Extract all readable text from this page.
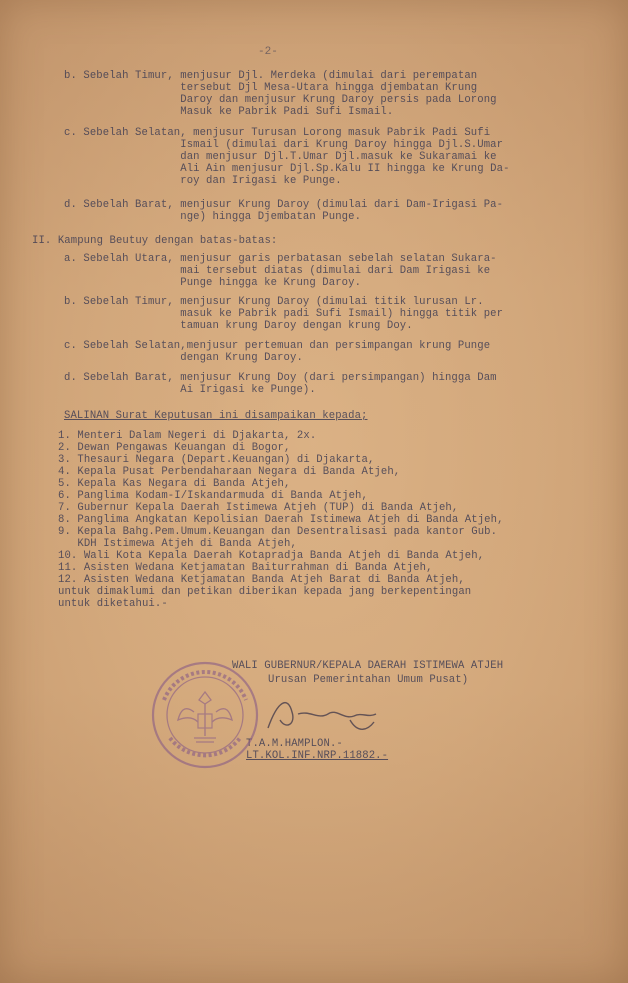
-2-
b. Sebelah Timur, menjusur Djl. Merdeka (dimulai dari perempatan
tersebut Djl Mesa-Utara hingga djembatan Krung
Daroy dan menjusur Krung Daroy persis pada Lorong
Masuk ke Pabrik Padi Sufi Ismail.
c. Sebelah Selatan, menjusur Turusan Lorong masuk Pabrik Padi Sufi
Ismail (dimulai dari Krung Daroy hingga Djl.S.Umar
dan menjusur Djl.T.Umar Djl.masuk ke Sukaramai ke
Ali Ain menjusur Djl.Sp.Kalu II hingga ke Krung Da-
roy dan Irigasi ke Punge.
d. Sebelah Barat, menjusur Krung Daroy (dimulai dari Dam-Irigasi Pa-
nge) hingga Djembatan Punge.
II. Kampung Beutuy dengan batas-batas:
a. Sebelah Utara, menjusur garis perbatasan sebelah selatan Sukara-
mai tersebut diatas (dimulai dari Dam Irigasi ke
Punge hingga ke Krung Daroy.
b. Sebelah Timur, menjusur Krung Daroy (dimulai titik lurusan Lr.
masuk ke Pabrik padi Sufi Ismail) hingga titik per
tamuan krung Daroy dengan krung Doy.
c. Sebelah Selatan,menjusur pertemuan dan persimpangan krung Punge
dengan Krung Daroy.
d. Sebelah Barat, menjusur Krung Doy (dari persimpangan) hingga Dam
Ai Irigasi ke Punge).
SALINAN Surat Keputusan ini disampaikan kepada;
1. Menteri Dalam Negeri di Djakarta, 2x.
2. Dewan Pengawas Keuangan di Bogor,
3. Thesauri Negara (Depart.Keuangan) di Djakarta,
4. Kepala Pusat Perbendaharaan Negara di Banda Atjeh,
5. Kepala Kas Negara di Banda Atjeh,
6. Panglima Kodam-I/Iskandarmuda di Banda Atjeh,
7. Gubernur Kepala Daerah Istimewa Atjeh (TUP) di Banda Atjeh,
8. Panglima Angkatan Kepolisian Daerah Istimewa Atjeh di Banda Atjeh,
9. Kepala Bahg.Pem.Umum.Keuangan dan Desentralisasi pada kantor Gub.
KDH Istimewa Atjeh di Banda Atjeh,
10. Wali Kota Kepala Daerah Kotapradja Banda Atjeh di Banda Atjeh,
11. Asisten Wedana Ketjamatan Baiturrahman di Banda Atjeh,
12. Asisten Wedana Ketjamatan Banda Atjeh Barat di Banda Atjeh,
untuk dimaklumi dan petikan diberikan kepada jang berkepentingan
untuk diketahui.-
WALI GUBERNUR/KEPALA DAERAH ISTIMEWA ATJEH
Urusan Pemerintahan Umum Pusat)
T.A.M.HAMPLON.-
LT.KOL.INF.NRP.11882.-
